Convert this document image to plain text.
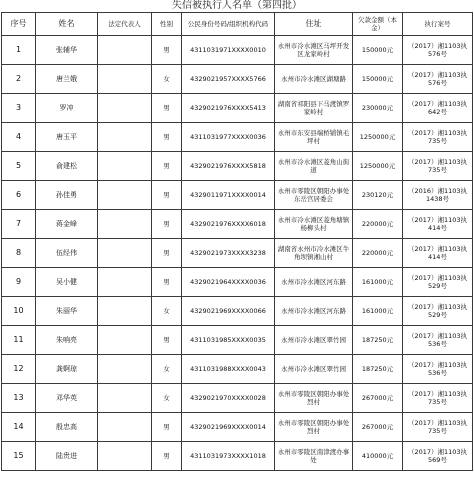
失信被执行人名单（第四批）
序号	姓名	法定代表人	性别	公民身份号码/组织机构代码	住址	欠款金额（本金）	执行案号
1	张辅华		男	4311031971XXXX0010	永州市冷水滩区马坪开发区龙家岭村	150000元	（2017）湘1103执576号
2	唐兰娥		女	4329021957XXXX5766	永州市冷水滩区湖塘路	150000元	（2017）湘1103执576号
3	罗冲		男	4329021976XXXX5413	湖南省祁阳县下马渡镇罗家岭村	230000元	（2017）湘1103执642号
4	唐玉平		男	4311031977XXXX0036	永州市东安县端桥铺镇毛坪村	1250000元	（2017）湘1103执735号
5	俞建松		男	4329021976XXXX5818	永州市冷水滩区菱角山街道	1250000元	（2017）湘1103执735号
6	孙佳勇		男	4329011971XXXX0014	永州市零陵区朝阳办事处东岳宫居委会	230120元	（2016）湘1103执1438号
7	蒋金峰		男	4329021976XXXX6018	永州市冷水滩区菱角塘镇杨柳头村	220000元	（2017）湘1103执414号
8	伍经伟		男	4329021973XXXX3238	湖南省永州市冷水滩区牛角坝镇湘山村	220000元	（2017）湘1103执414号
9	吴小健		男	4329021964XXXX0036	永州市冷水滩区河东路	161000元	（2017）湘1103执529号
10	朱丽华		女	4329021969XXXX0066	永州市冷水滩区河东路	161000元	（2017）湘1103执529号
11	朱响亮		男	4311031985XXXX0035	永州市冷水滩区翠竹园	187250元	（2017）湘1103执536号
12	龚婀琼		女	4311031988XXXX0043	永州市冷水滩区翠竹园	187250元	（2017）湘1103执536号
13	邓华英		女	4329021970XXXX0028	永州市零陵区朝阳办事处烈村	267000元	（2017）湘1103执735号
14	殷忠高		男	4329021969XXXX0014	永州市零陵区朝阳办事处烈村	267000元	（2017）湘1103执735号
15	陆贵进		男	4311031973XXXX1018	永州市零陵区南津渡办事处	410000元	（2017）湘1103执569号
